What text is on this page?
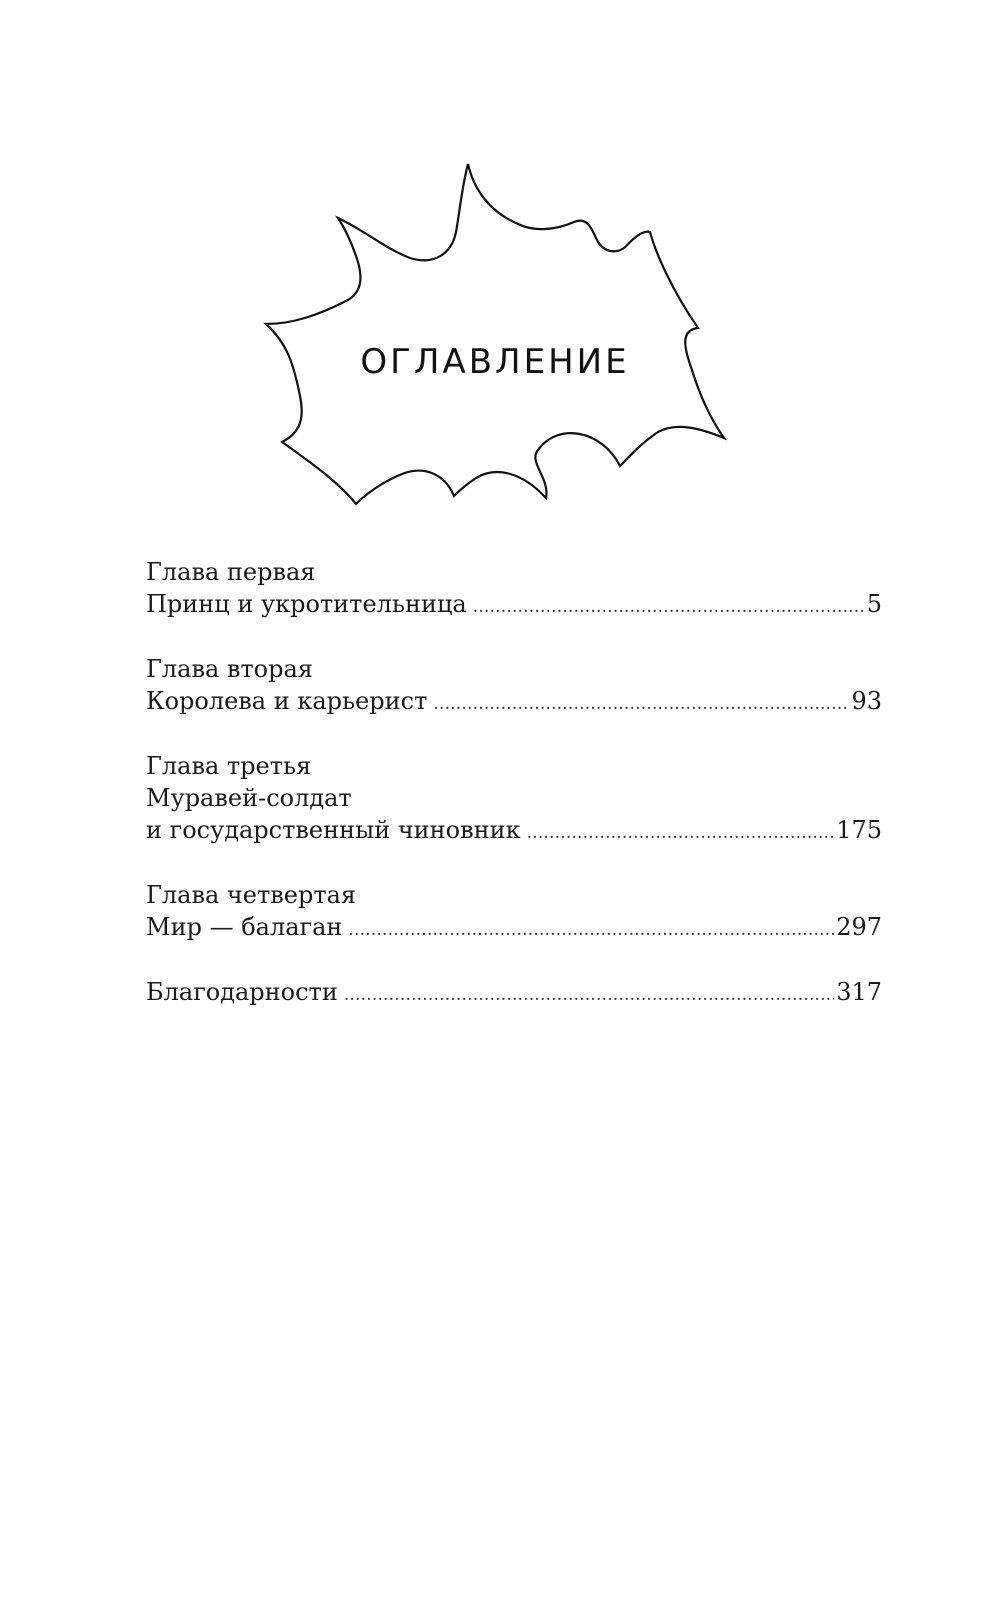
ОГЛАВЛЕНИЕ
Глава первая
Принц и укротительница .....	5
Глава вторая
Королева и карьерист .....	93
Глава третья
Муравей-солдат
и государственный чиновник .....	175
Глава четвертая
Мир — балаган .....	297
Благодарности .....	317
